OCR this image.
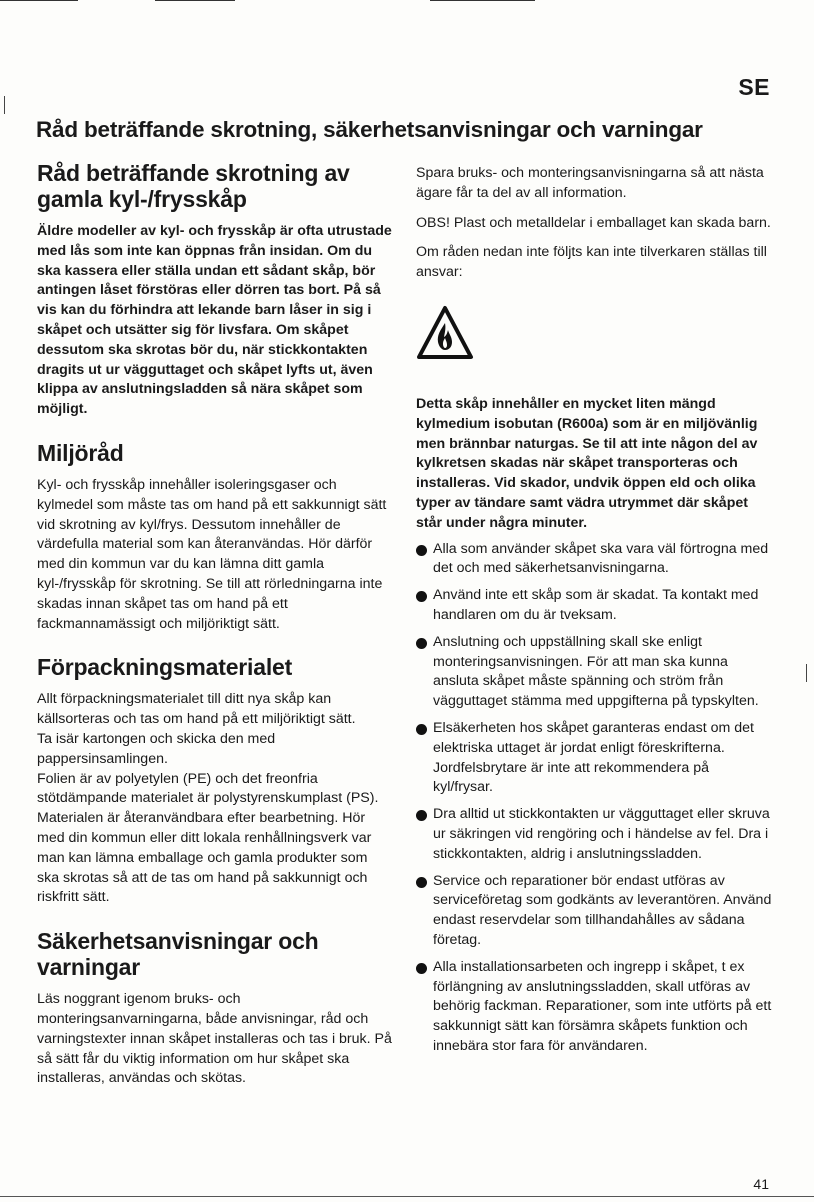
SE
Råd beträffande skrotning, säkerhetsanvisningar och varningar
Råd beträffande skrotning av gamla kyl-/frysskåp

Äldre modeller av kyl- och frysskåp är ofta utrustade med lås som inte kan öppnas från insidan. Om du ska kassera eller ställa undan ett sådant skåp, bör antingen låset förstöras eller dörren tas bort. På så vis kan du förhindra att lekande barn låser in sig i skåpet och utsätter sig för livsfara. Om skåpet dessutom ska skrotas bör du, när stickkontakten dragits ut ur vägguttaget och skåpet lyfts ut, även klippa av anslutningsladden så nära skåpet som möjligt.

Miljöråd

Kyl- och frysskåp innehåller isoleringsgaser och kylmedel som måste tas om hand på ett sakkunnigt sätt vid skrotning av kyl/frys. Dessutom innehåller de värdefulla material som kan återanvändas. Hör därför med din kommun var du kan lämna ditt gamla kyl-/frysskåp för skrotning. Se till att rörledningarna inte skadas innan skåpet tas om hand på ett fackmannamässigt och miljöriktigt sätt.

Förpackningsmaterialet

Allt förpackningsmaterialet till ditt nya skåp kan källsorteras och tas om hand på ett miljöriktigt sätt.

Ta isär kartongen och skicka den med pappersinsamlingen.

Folien är av polyetylen (PE) och det freonfria stötdämpande materialet är polystyrenskumplast (PS). Materialen är återanvändbara efter bearbetning. Hör med din kommun eller ditt lokala renhållningsverk var man kan lämna emballage och gamla produkter som ska skrotas så att de tas om hand på sakkunnigt och riskfritt sätt.

Säkerhetsanvisningar och varningar

Läs noggrant igenom bruks- och monteringsanvarningarna, både anvisningar, råd och varningstexter innan skåpet installeras och tas i bruk. På så sätt får du viktig information om hur skåpet ska installeras, användas och skötas.

Spara bruks- och monteringsanvisningarna så att nästa ägare får ta del av all information.

OBS! Plast och metalldelar i emballaget kan skada barn.

Om råden nedan inte följts kan inte tilverkaren ställas till ansvar:

Detta skåp innehåller en mycket liten mängd kylmedium isobutan (R600a) som är en miljövänlig men brännbar naturgas. Se til att inte någon del av kylkretsen skadas när skåpet transporteras och installeras. Vid skador, undvik öppen eld och olika typer av tändare samt vädra utrymmet där skåpet står under några minuter.

Alla som använder skåpet ska vara väl förtrogna med det och med säkerhetsanvisningarna.
Använd inte ett skåp som är skadat. Ta kontakt med handlaren om du är tveksam.
Anslutning och uppställning skall ske enligt monteringsanvisningen. För att man ska kunna ansluta skåpet måste spänning och ström från vägguttaget stämma med uppgifterna på typskylten.
Elsäkerheten hos skåpet garanteras endast om det elektriska uttaget är jordat enligt föreskrifterna. Jordfelsbrytare är inte att rekommendera på kyl/frysar.
Dra alltid ut stickkontakten ur vägguttaget eller skruva ur säkringen vid rengöring och i händelse av fel. Dra i stickkontakten, aldrig i anslutningssladden.
Service och reparationer bör endast utföras av serviceföretag som godkänts av leverantören. Använd endast reservdelar som tillhandahålles av sådana företag.
Alla installationsarbeten och ingrepp i skåpet, t ex förlängning av anslutningssladden, skall utföras av behörig fackman. Reparationer, som inte utförts på ett sakkunnigt sätt kan försämra skåpets funktion och innebära stor fara för användaren.
41
